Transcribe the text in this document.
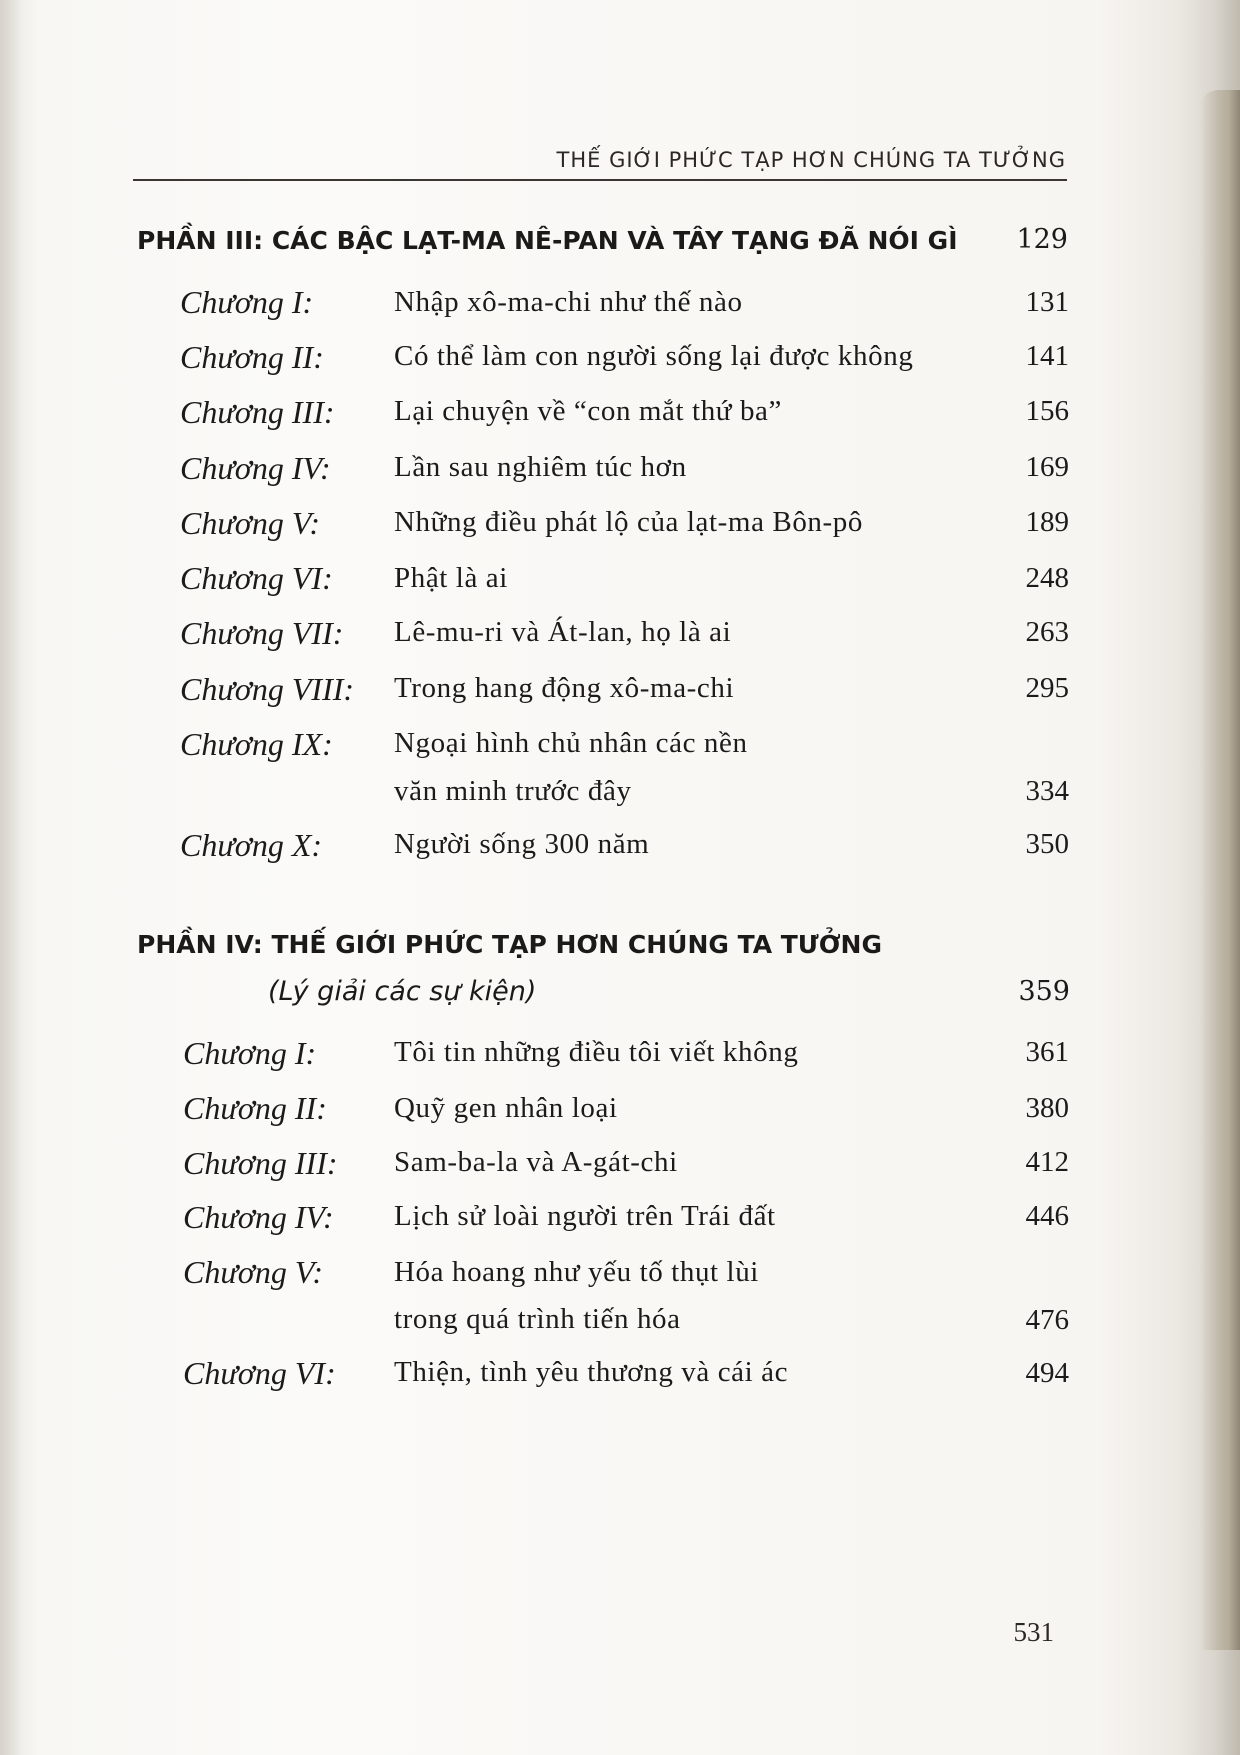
THẾ GIỚI PHỨC TẠP HƠN CHÚNG TA TƯỞNG
PHẦN III: CÁC BẬC LẠT-MA NÊ-PAN VÀ TÂY TẠNG ĐÃ NÓI GÌ	129
Chương I:	Nhập xô-ma-chi như thế nào	131
Chương II: Có thể làm con người sống lại được không	141
Chương III: Lại chuyện về “con mắt thứ ba”	156
Chương IV: Lần sau nghiêm túc hơn	169
Chương V:	Những điều phát lộ của lạt-ma Bôn-pô	189
Chương VI: Phật là ai	248
Chương VII: Lê-mu-ri và Át-lan, họ là ai	263
Chương VIII: Trong hang động xô-ma-chi	295
Chương IX: Ngoại hình chủ nhân các nền
văn minh trước đây	334
Chương X: Người sống 300 năm	350
PHẦN IV: THẾ GIỚI PHỨC TẠP HƠN CHÚNG TA TƯỞNG
(Lý giải các sự kiện)	359
Chương I:	Tôi tin những điều tôi viết không	361
Chương II: Quỹ gen nhân loại	380
Chương III: Sam-ba-la và A-gát-chi	412
Chương IV: Lịch sử loài người trên Trái đất	446
Chương V: Hóa hoang như yếu tố thụt lùi
trong quá trình tiến hóa	476
Chương VI: Thiện, tình yêu thương và cái ác	494
531
